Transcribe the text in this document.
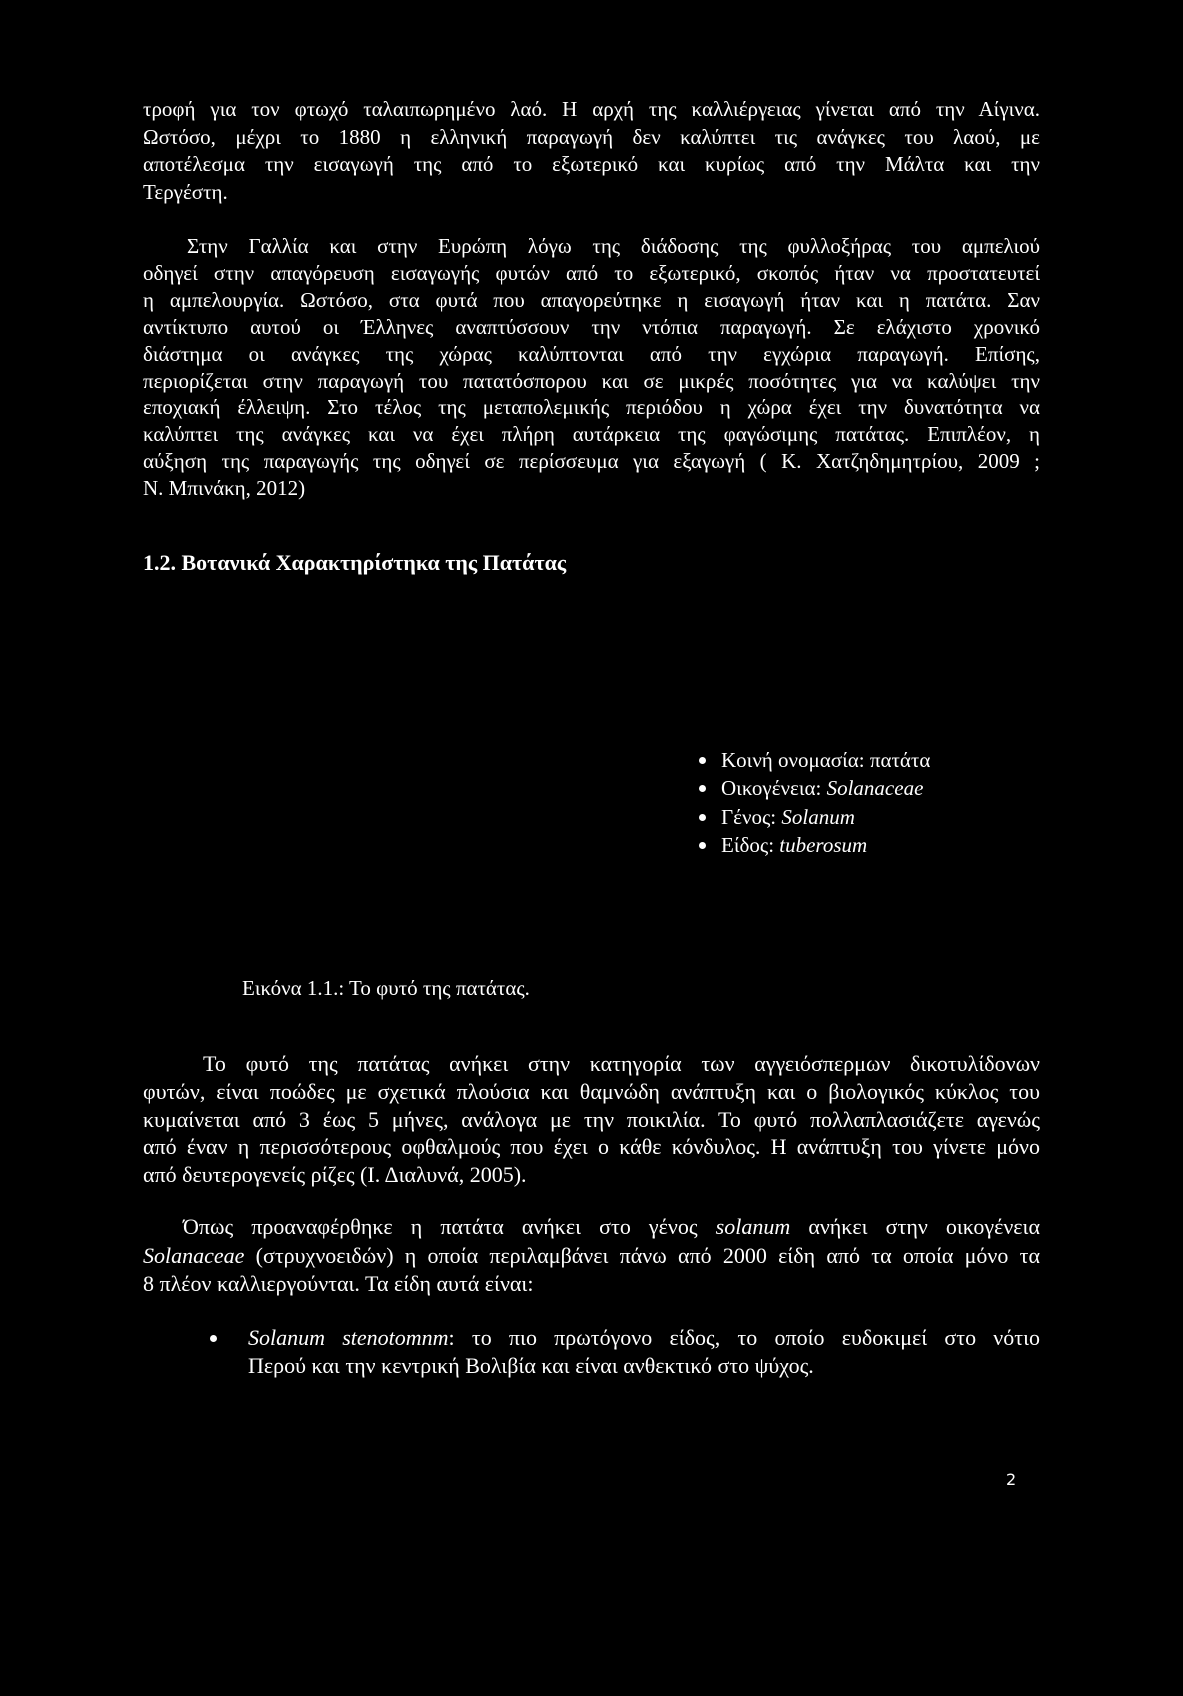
τροφή για τον φτωχό ταλαιπωρημένο λαό. Η αρχή της καλλιέργειας γίνεται από την Αίγινα.
Ωστόσο, μέχρι το 1880 η ελληνική παραγωγή δεν καλύπτει τις ανάγκες του λαού, με
αποτέλεσμα την εισαγωγή της από το εξωτερικό και κυρίως από την Μάλτα και την
Τεργέστη.
Στην Γαλλία και στην Ευρώπη λόγω της διάδοσης της φυλλοξήρας του αμπελιού
οδηγεί στην απαγόρευση εισαγωγής φυτών από το εξωτερικό, σκοπός ήταν να προστατευτεί
η αμπελουργία. Ωστόσο, στα φυτά που απαγορεύτηκε η εισαγωγή ήταν και η πατάτα. Σαν
αντίκτυπο αυτού οι Έλληνες αναπτύσσουν την ντόπια παραγωγή. Σε ελάχιστο χρονικό
διάστημα οι ανάγκες της χώρας καλύπτονται από την εγχώρια παραγωγή. Επίσης,
περιορίζεται στην παραγωγή του πατατόσπορου και σε μικρές ποσότητες για να καλύψει την
εποχιακή έλλειψη. Στο τέλος της μεταπολεμικής περιόδου η χώρα έχει την δυνατότητα να
καλύπτει της ανάγκες και να έχει πλήρη αυτάρκεια της φαγώσιμης πατάτας. Επιπλέον, η
αύξηση της παραγωγής της οδηγεί σε περίσσευμα για εξαγωγή ( Κ. Χατζηδημητρίου, 2009 ;
Ν. Μπινάκη, 2012)
1.2. Βοτανικά Χαρακτηρίστηκα της Πατάτας
Κοινή ονομασία: πατάτα
Οικογένεια: Solanaceae
Γένος: Solanum
Είδος: tuberosum
Εικόνα 1.1.: Το φυτό της πατάτας.
Το φυτό της πατάτας ανήκει στην κατηγορία των αγγειόσπερμων δικοτυλίδονων
φυτών, είναι ποώδες με σχετικά πλούσια και θαμνώδη ανάπτυξη και ο βιολογικός κύκλος του
κυμαίνεται από 3 έως 5 μήνες, ανάλογα με την ποικιλία. Το φυτό πολλαπλασιάζετε αγενώς
από έναν η περισσότερους οφθαλμούς που έχει ο κάθε κόνδυλος. Η ανάπτυξη του γίνετε μόνο
από δευτερογενείς ρίζες (Ι. Διαλυνά, 2005).
Όπως προαναφέρθηκε η πατάτα ανήκει στο γένος solanum ανήκει στην οικογένεια
Solanaceae (στρυχνοειδών) η οποία περιλαμβάνει πάνω από 2000 είδη από τα οποία μόνο τα
8 πλέον καλλιεργούνται. Τα είδη αυτά είναι:
Solanum stenotomnm: το πιο πρωτόγονο είδος, το οποίο ευδοκιμεί στο νότιο
Περού και την κεντρική Βολιβία και είναι ανθεκτικό στο ψύχος.
2
